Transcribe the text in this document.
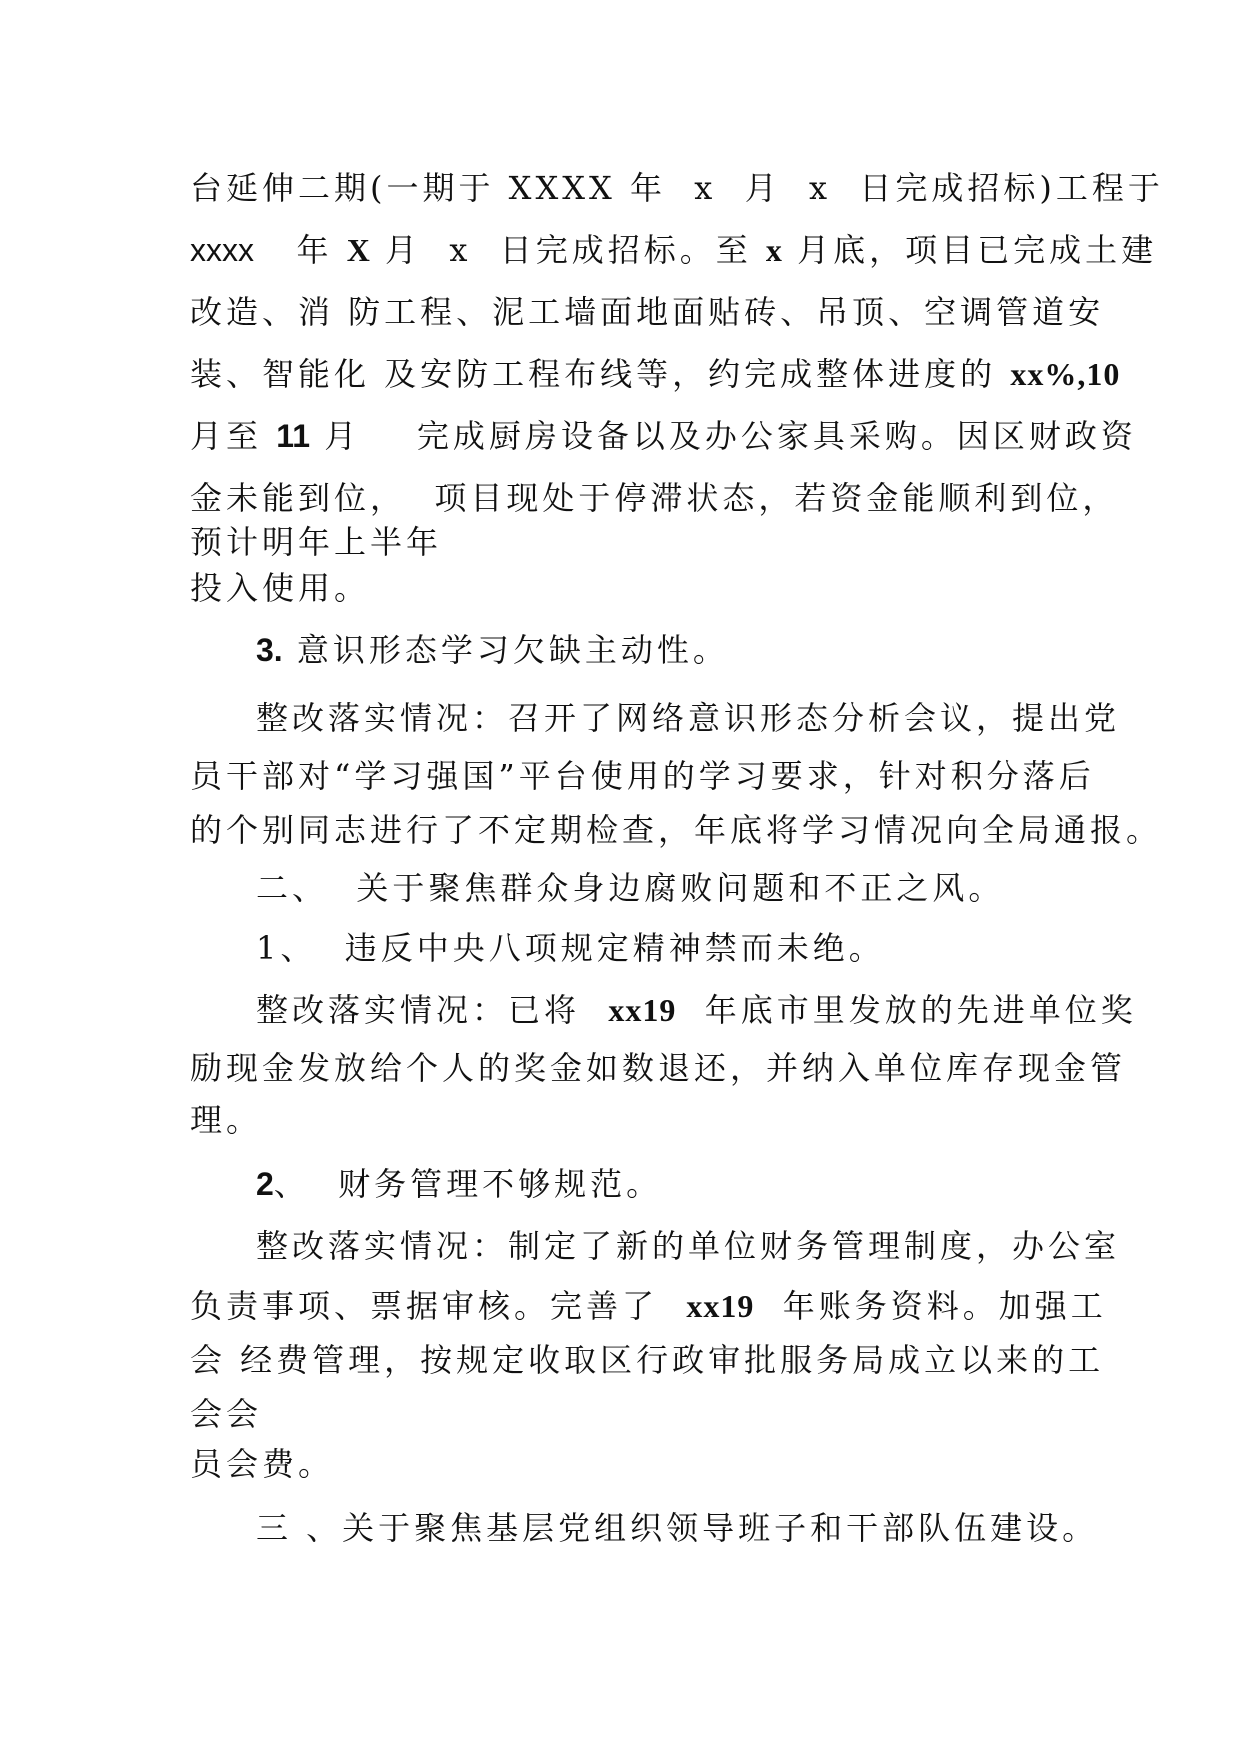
台延伸二期(一期于 XXXX 年  x  月  x  日完成招标)工程于

xxxx   年 X 月  x  日完成招标。至 x 月底，项目已完成土建

改造、消 防工程、泥工墙面地面贴砖、吊顶、空调管道安

装、智能化 及安防工程布线等，约完成整体进度的 xx%,10

月至 11 月    完成厨房设备以及办公家具采购。因区财政资

金未能到位，  项目现处于停滞状态，若资金能顺利到位，

预计明年上半年

投入使用。

3. 意识形态学习欠缺主动性。

整改落实情况：召开了网络意识形态分析会议，提出党

员干部对“学习强国”平台使用的学习要求，针对积分落后

的个别同志进行了不定期检查，年底将学习情况向全局通报。

二、  关于聚焦群众身边腐败问题和不正之风。

1、  违反中央八项规定精神禁而未绝。

整改落实情况：已将  xx19  年底市里发放的先进单位奖

励现金发放给个人的奖金如数退还，并纳入单位库存现金管

理。

2、  财务管理不够规范。

整改落实情况：制定了新的单位财务管理制度，办公室

负责事项、票据审核。完善了  xx19  年账务资料。加强工

会 经费管理，按规定收取区行政审批服务局成立以来的工

会会

员会费。

三 、关于聚焦基层党组织领导班子和干部队伍建设。
